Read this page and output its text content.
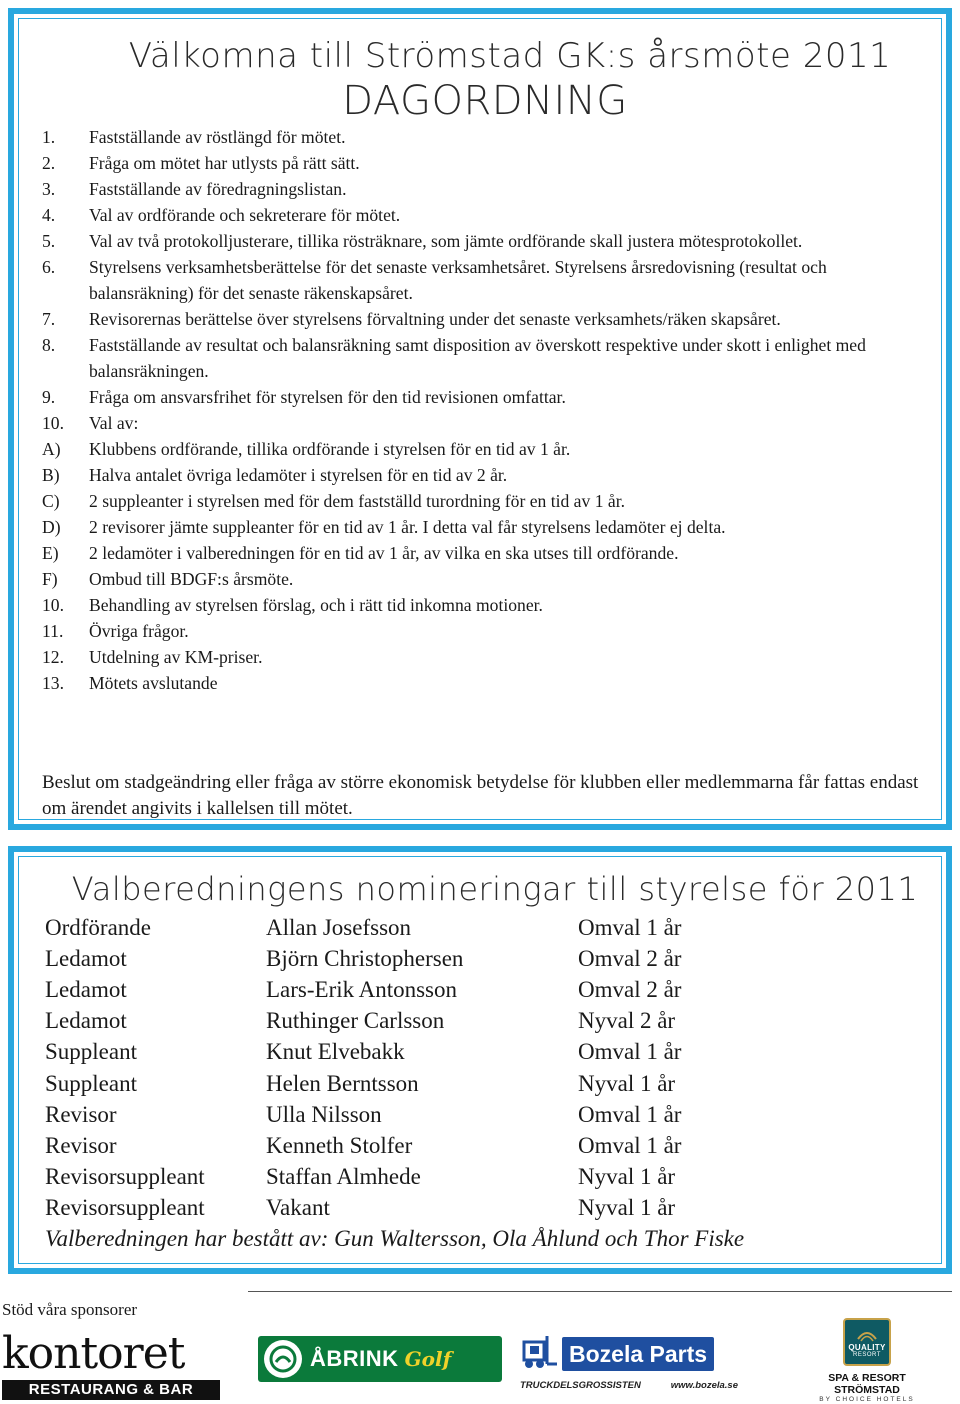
Välkomna till Strömstad GK:s årsmöte 2011
DAGORDNING
1.	Fastställande av röstlängd för mötet.
2.	Fråga om mötet har utlysts på rätt sätt.
3.	Fastställande av föredragningslistan.
4.	Val av ordförande och sekreterare för mötet.
5.	Val av två protokolljusterare, tillika rösträknare, som jämte ordförande skall justera mötesprotokollet.
6.	Styrelsens verksamhetsberättelse för det senaste verksamhetsåret. Styrelsens årsredovisning (resultat och balansräkning) för det senaste räkenskapsåret.
7.	Revisorernas berättelse över styrelsens förvaltning under det senaste verksamhets/räken skapsåret.
8.	Fastställande av resultat och balansräkning samt disposition av överskott respektive under skott i enlighet med balansräkningen.
9.	Fråga om ansvarsfrihet för styrelsen för den tid revisionen omfattar.
10.	Val av:
A)	Klubbens ordförande, tillika ordförande i styrelsen för en tid av 1 år.
B)	Halva antalet övriga ledamöter i styrelsen för en tid av 2 år.
C)	2 suppleanter i styrelsen med för dem fastställd turordning för en tid av 1 år.
D)	2 revisorer jämte suppleanter för en tid av 1 år. I detta val får styrelsens ledamöter ej delta.
E)	2 ledamöter i valberedningen för en tid av 1 år, av vilka en ska utses till ordförande.
F)	Ombud till BDGF:s årsmöte.
10.	Behandling av styrelsen förslag, och i rätt tid inkomna motioner.
11.	Övriga frågor.
12.	Utdelning av KM-priser.
13.	Mötets avslutande

Beslut om stadgeändring eller fråga av större ekonomisk betydelse för klubben eller medlemmarna får fattas endast om ärendet angivits i kallelsen till mötet.

Valberedningens nomineringar till styrelse för 2011
Ordförande	Allan Josefsson	Omval 1 år
Ledamot	Björn Christophersen	Omval 2 år
Ledamot	Lars-Erik Antonsson	Omval 2 år
Ledamot	Ruthinger Carlsson	Nyval 2 år
Suppleant	Knut Elvebakk	Omval 1 år
Suppleant	Helen Berntsson	Nyval 1 år
Revisor	Ulla Nilsson	Omval 1 år
Revisor	Kenneth Stolfer	Omval 1 år
Revisorsuppleant	Staffan Almhede	Nyval 1 år
Revisorsuppleant	Vakant	Nyval 1 år

Valberedningen har bestått av: Gun Waltersson, Ola Åhlund och Thor Fiske

Stöd våra sponsorer
kontoret
RESTAURANG & BAR
ÅBRINK Golf	Bozela Parts
TRUCKDELSGROSSISTEN	www.bozela.se
QUALITY
RESORT
SPA & RESORT STRÖMSTAD
BY CHOICE HOTELS
